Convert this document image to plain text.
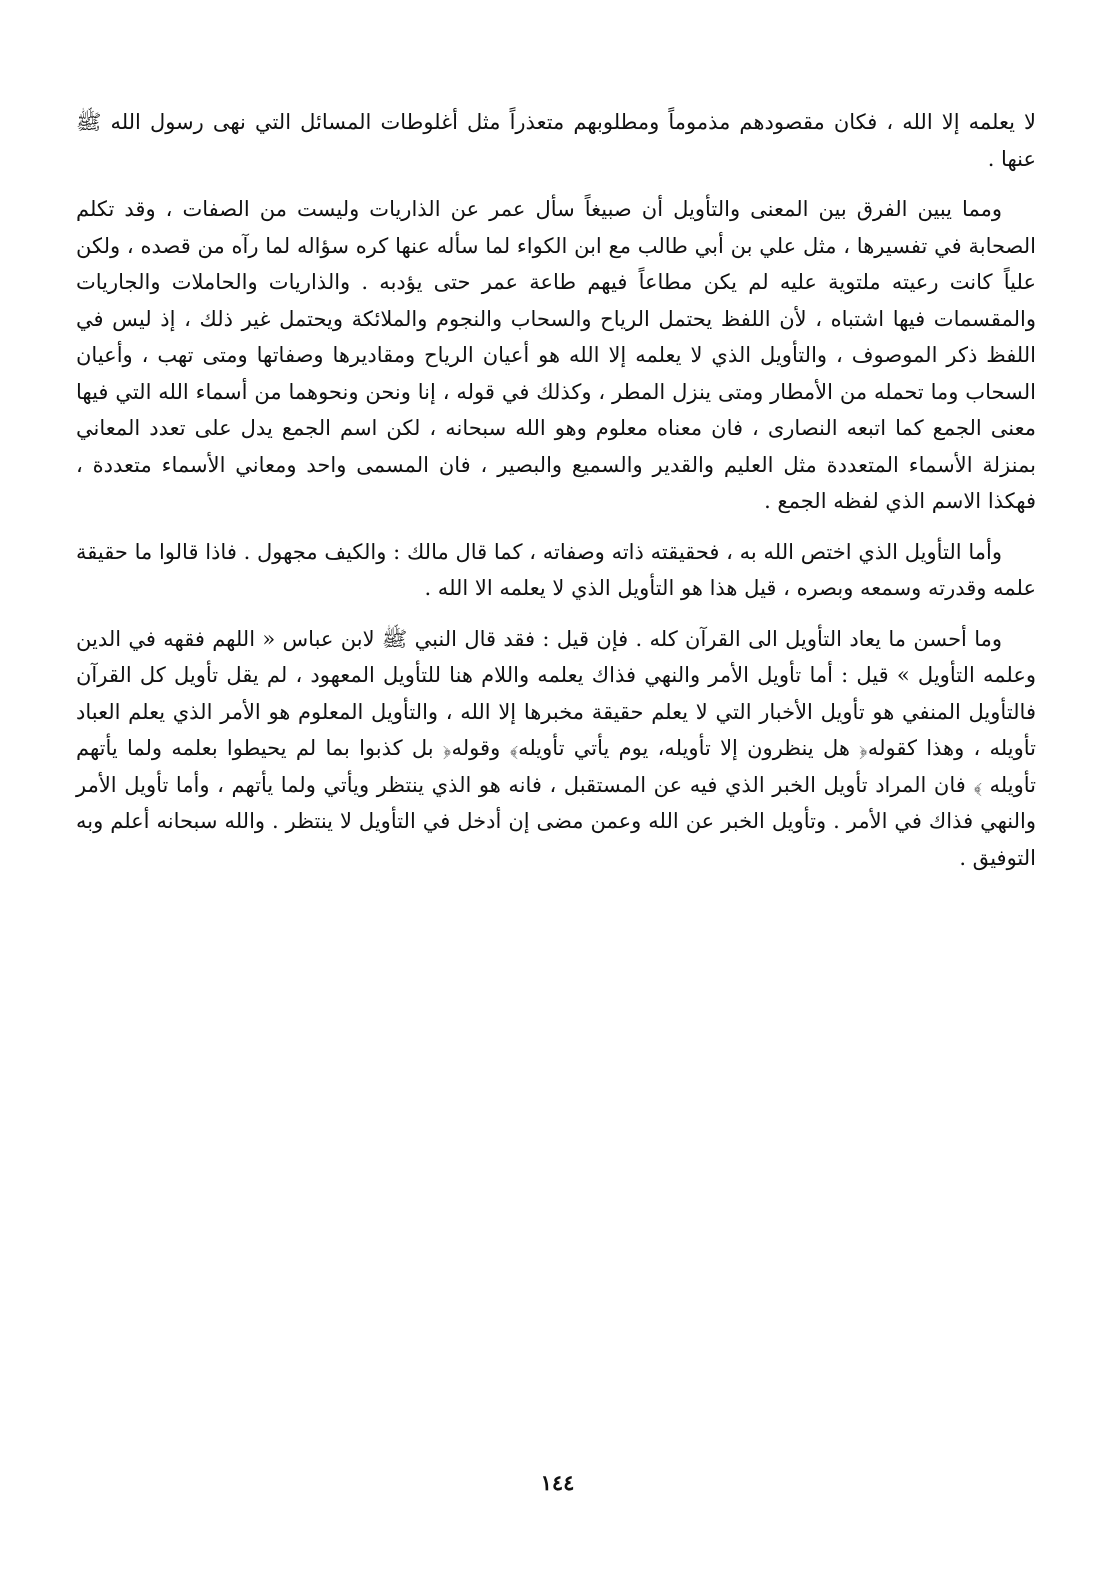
لا يعلمه إلا الله ، فكان مقصودهم مذموماً ومطلوبهم متعذراً مثل أغلوطات المسائل التي نهى رسول الله ﷺ عنها .

ومما يبين الفرق بين المعنى والتأويل أن صبيغاً سأل عمر عن الذاريات وليست من الصفات ، وقد تكلم الصحابة في تفسيرها ، مثل علي بن أبي طالب مع ابن الكواء لما سأله عنها كره سؤاله لما رآه من قصده ، ولكن علياً كانت رعيته ملتوية عليه لم يكن مطاعاً فيهم طاعة عمر حتى يؤدبه . والذاريات والحاملات والجاريات والمقسمات فيها اشتباه ، لأن اللفظ يحتمل الرياح والسحاب والنجوم والملائكة ويحتمل غير ذلك ، إذ ليس في اللفظ ذكر الموصوف ، والتأويل الذي لا يعلمه إلا الله هو أعيان الرياح ومقاديرها وصفاتها ومتى تهب ، وأعيان السحاب وما تحمله من الأمطار ومتى ينزل المطر ، وكذلك في قوله ، إنا ونحن ونحوهما من أسماء الله التي فيها معنى الجمع كما اتبعه النصارى ، فان معناه معلوم وهو الله سبحانه ، لكن اسم الجمع يدل على تعدد المعاني بمنزلة الأسماء المتعددة مثل العليم والقدير والسميع والبصير ، فان المسمى واحد ومعاني الأسماء متعددة ، فهكذا الاسم الذي لفظه الجمع .

وأما التأويل الذي اختص الله به ، فحقيقته ذاته وصفاته ، كما قال مالك : والكيف مجهول . فاذا قالوا ما حقيقة علمه وقدرته وسمعه وبصره ، قيل هذا هو التأويل الذي لا يعلمه الا الله .

وما أحسن ما يعاد التأويل الى القرآن كله . فإن قيل : فقد قال النبي ﷺ لابن عباس « اللهم فقهه في الدين وعلمه التأويل » قيل : أما تأويل الأمر والنهي فذاك يعلمه واللام هنا للتأويل المعهود ، لم يقل تأويل كل القرآن فالتأويل المنفي هو تأويل الأخبار التي لا يعلم حقيقة مخبرها إلا الله ، والتأويل المعلوم هو الأمر الذي يعلم العباد تأويله ، وهذا كقوله﴿ هل ينظرون إلا تأويله، يوم يأتي تأويله﴾ وقوله﴿ بل كذبوا بما لم يحيطوا بعلمه ولما يأتهم تأويله ﴾ فان المراد تأويل الخبر الذي فيه عن المستقبل ، فانه هو الذي ينتظر ويأتي ولما يأتهم ، وأما تأويل الأمر والنهي فذاك في الأمر . وتأويل الخبر عن الله وعمن مضى إن أدخل في التأويل لا ينتظر . والله سبحانه أعلم وبه التوفيق .

١٤٤
